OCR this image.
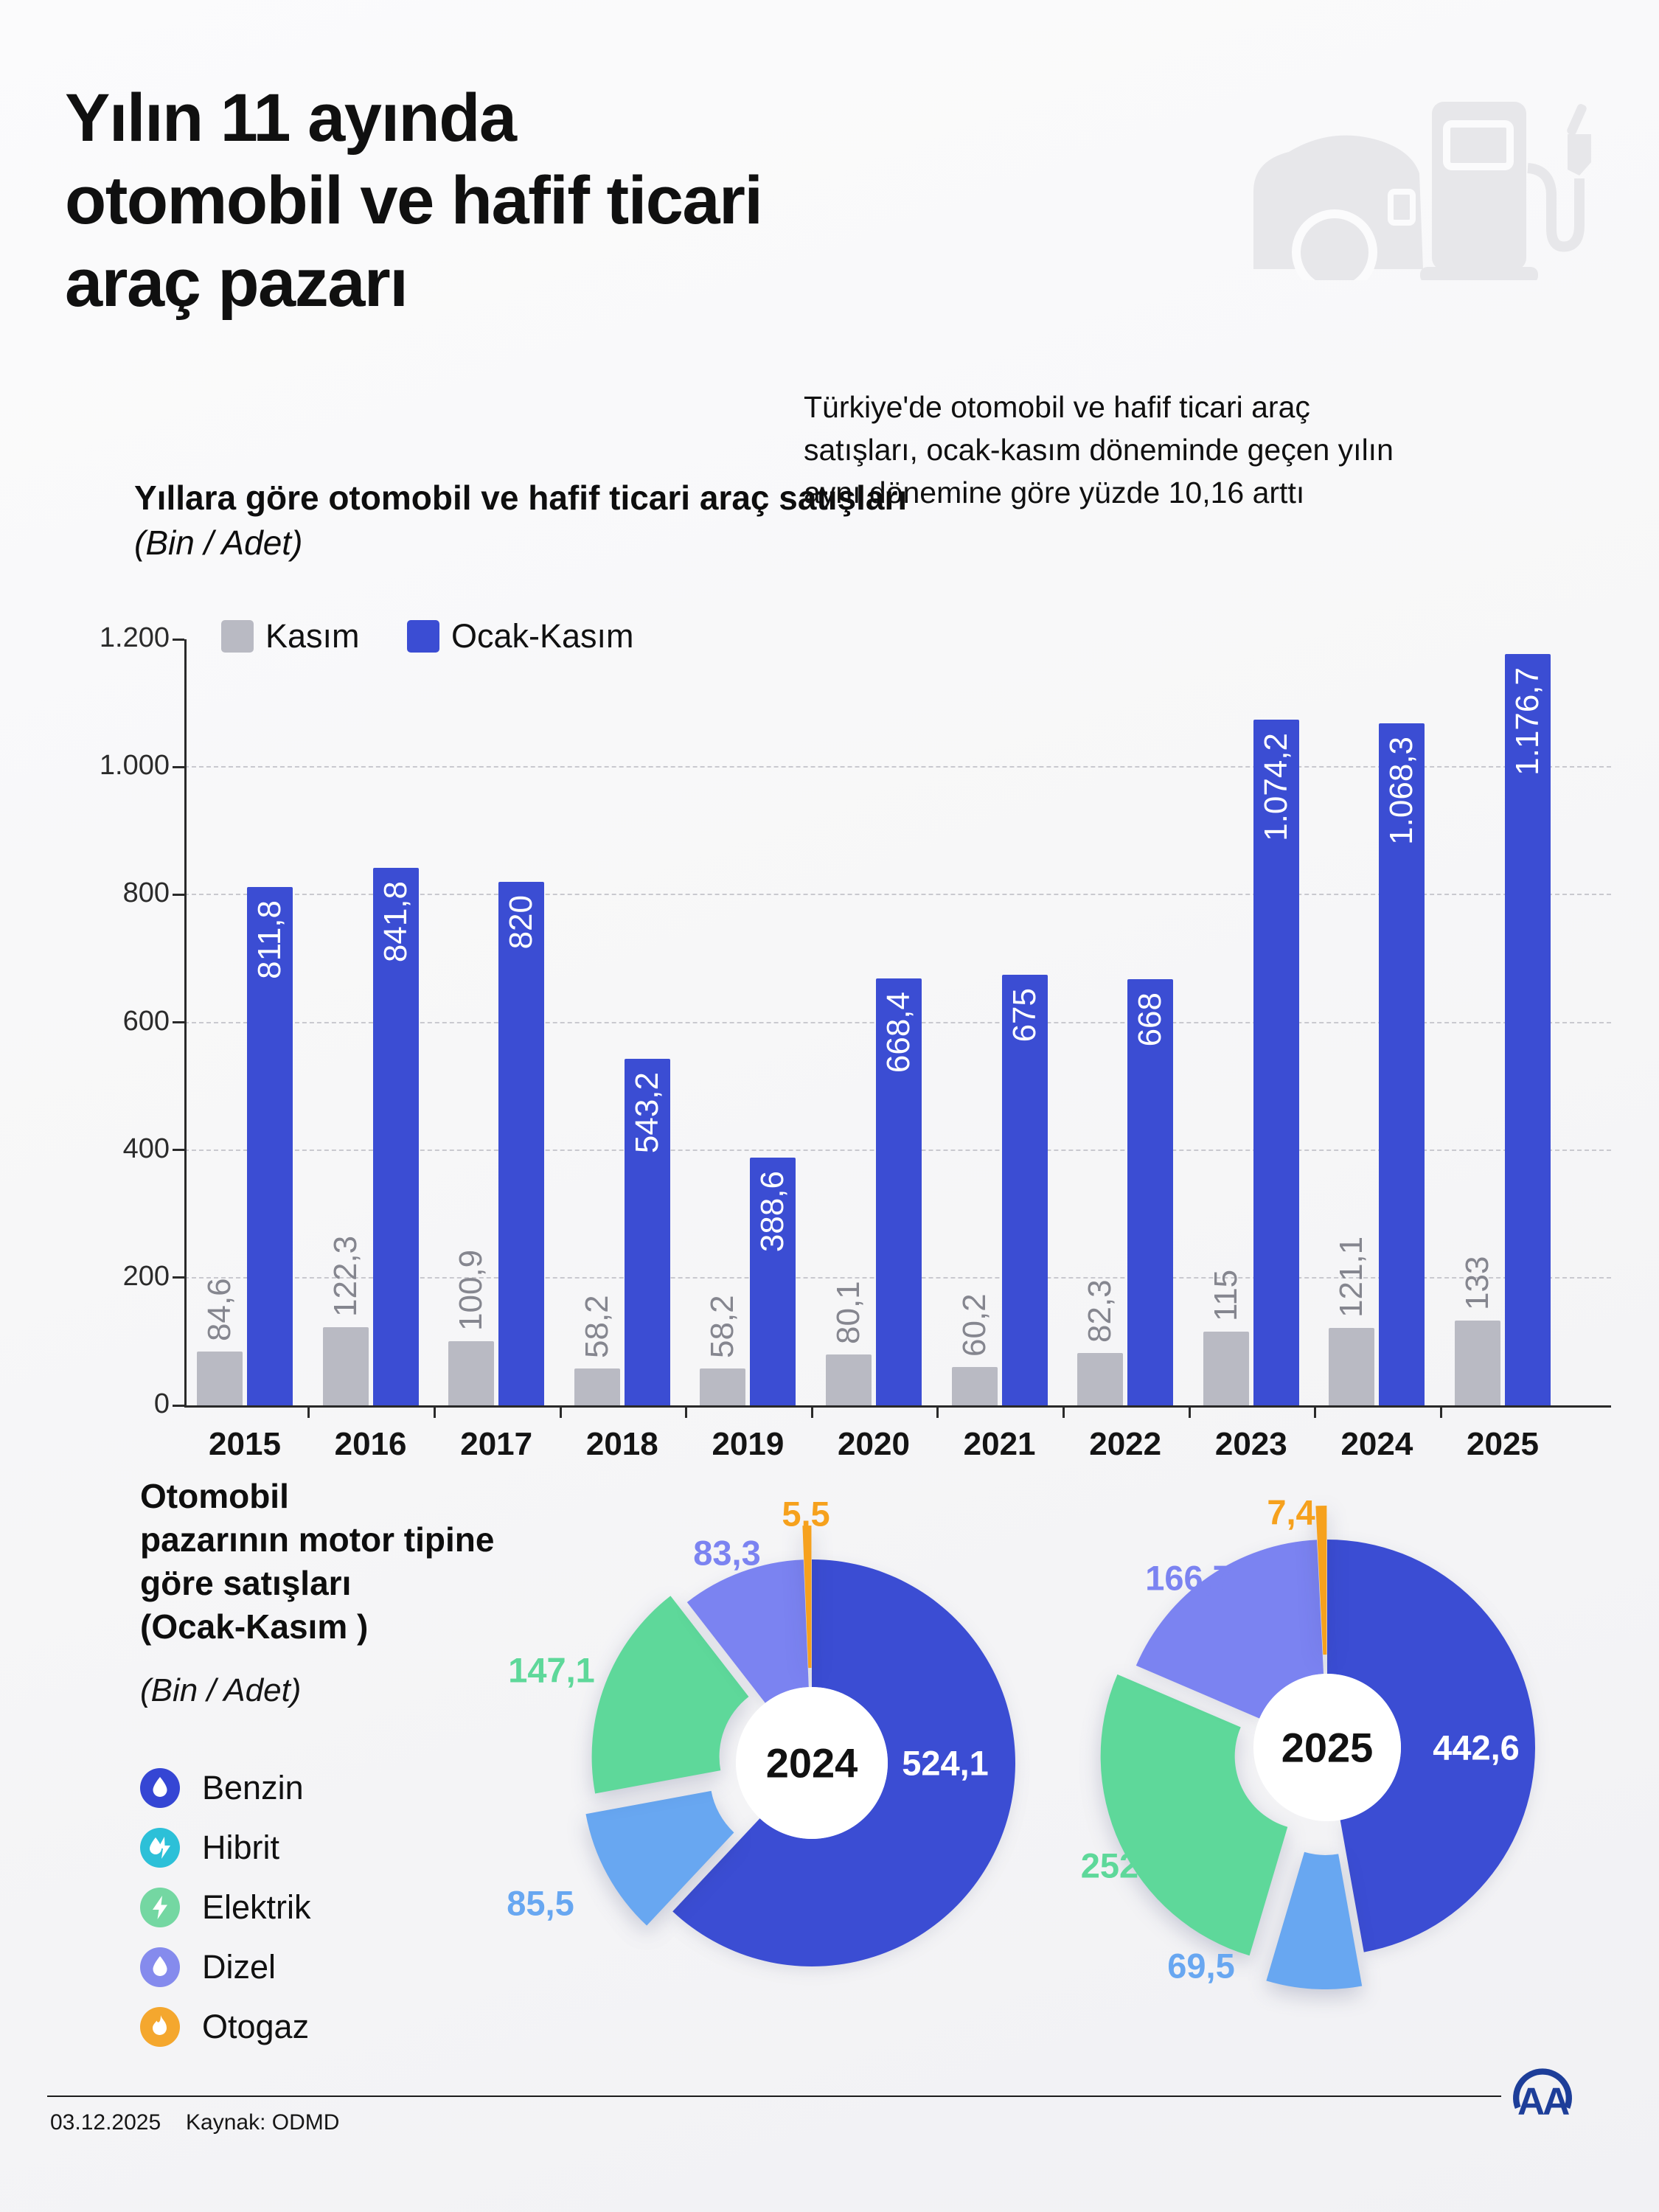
Yılın 11 ayında
otomobil ve hafif ticari
araç pazarı

Türkiye'de otomobil ve hafif ticari araç
satışları, ocak-kasım döneminde geçen yılın
aynı dönemine göre yüzde 10,16 arttı

Yıllara göre otomobil ve hafif ticari araç satışları (Bin / Adet)
Kasım	Ocak-Kasım
0
200
400
600
800
1.000
1.200
84,6
811,8
2015
122,3
841,8
2016
100,9
820
2017
58,2
543,2
2018
58,2
388,6
2019
80,1
668,4
2020
60,2
675
2021
82,3
668
2022
115
1.074,2
2023
121,1
1.068,3
2024
133
1.176,7
2025
Otomobil
pazarının motor tipine
göre satışları
(Ocak-Kasım )
(Bin / Adet)
Benzin
Hibrit
Elektrik
Dizel
Otogaz
2024 524,1
85,5
147,1
83,3
5,5
2025 442,6
69,5
252
166,7
7,4
03.12.2025 Kaynak: ODMD	AA
